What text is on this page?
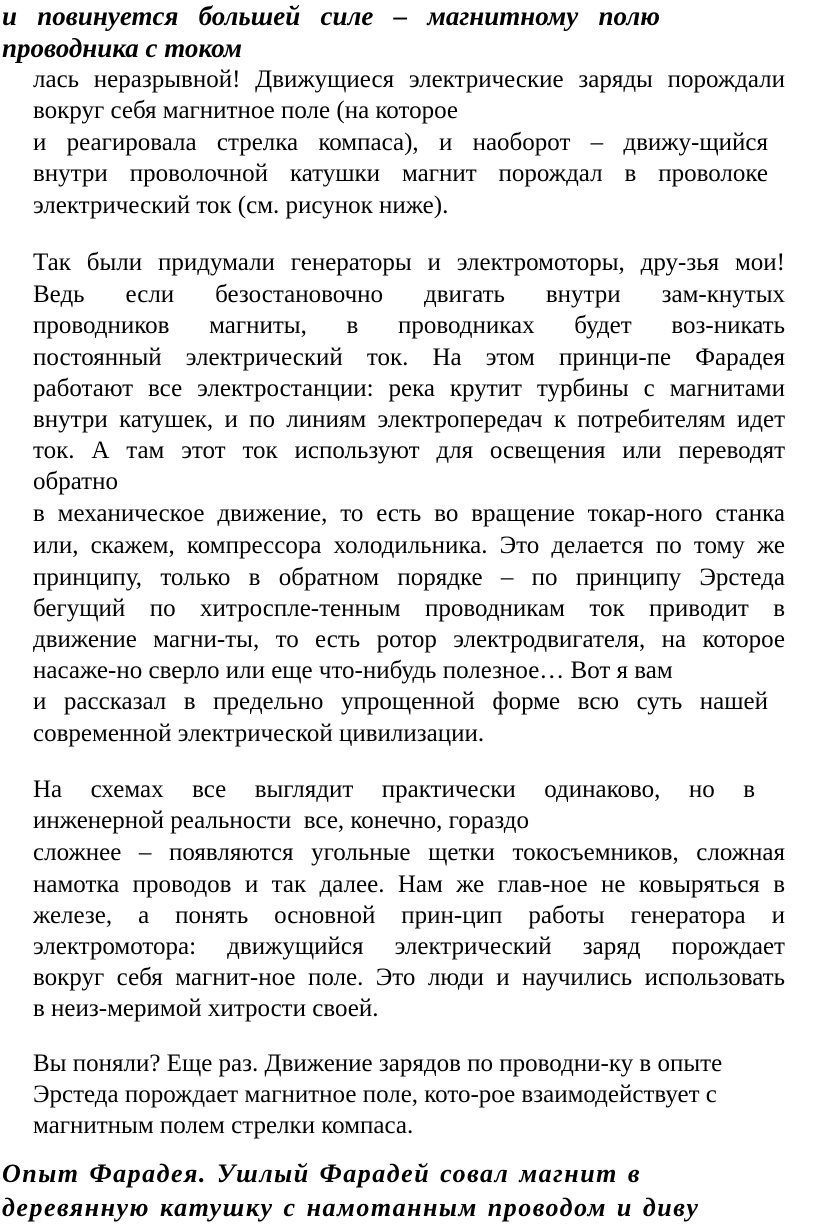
и   повинуется   большей   силе   –   магнитному   полю
проводника с током
лась неразрывной! Движущиеся электрические заряды порождали
вокруг себя магнитное поле (на которое
и реагировала стрелка компаса), и наоборот – движу-щийся
внутри проволочной катушки магнит порождал в проволоке
электрический ток (см. рисунок ниже).
Так были придумали генераторы и электромоторы, дру-зья мои!
Ведь если безостановочно двигать внутри зам-кнутых
проводников магниты, в проводниках будет воз-никать
постоянный электрический ток. На этом принци-пе Фарадея
работают все электростанции: река крутит турбины с магнитами
внутри катушек, и по линиям электропередач к потребителям идет
ток. А там этот ток используют для освещения или переводят
обратно
в механическое движение, то есть во вращение токар-ного станка
или, скажем, компрессора холодильника. Это делается по тому же
принципу, только в обратном порядке – по принципу Эрстеда
бегущий по хитроспле-тенным проводникам ток приводит в
движение магни-ты, то есть ротор электродвигателя, на которое
насаже-но сверло или еще что-нибудь полезное… Вот я вам
и рассказал в предельно упрощенной форме всю суть нашей
современной электрической цивилизации.
На схемах все выглядит практически одинаково, но в
инженерной реальности  все, конечно, гораздо
сложнее – появляются угольные щетки токосъемников, сложная
намотка проводов и так далее. Нам же глав-ное не ковыряться в
железе, а понять основной прин-цип работы генератора и
электромотора: движущийся электрический заряд порождает
вокруг себя магнит-ное поле. Это люди и научились использовать
в неиз-меримой хитрости своей.
Вы поняли? Еще раз. Движение зарядов по проводни-ку в опыте
Эрстеда порождает магнитное поле, кото-рое взаимодействует с
магнитным полем стрелки компаса.
Опыт Фарадея. Ушлый Фарадей совал магнит в
деревянную катушку с намотанным проводом и диву
